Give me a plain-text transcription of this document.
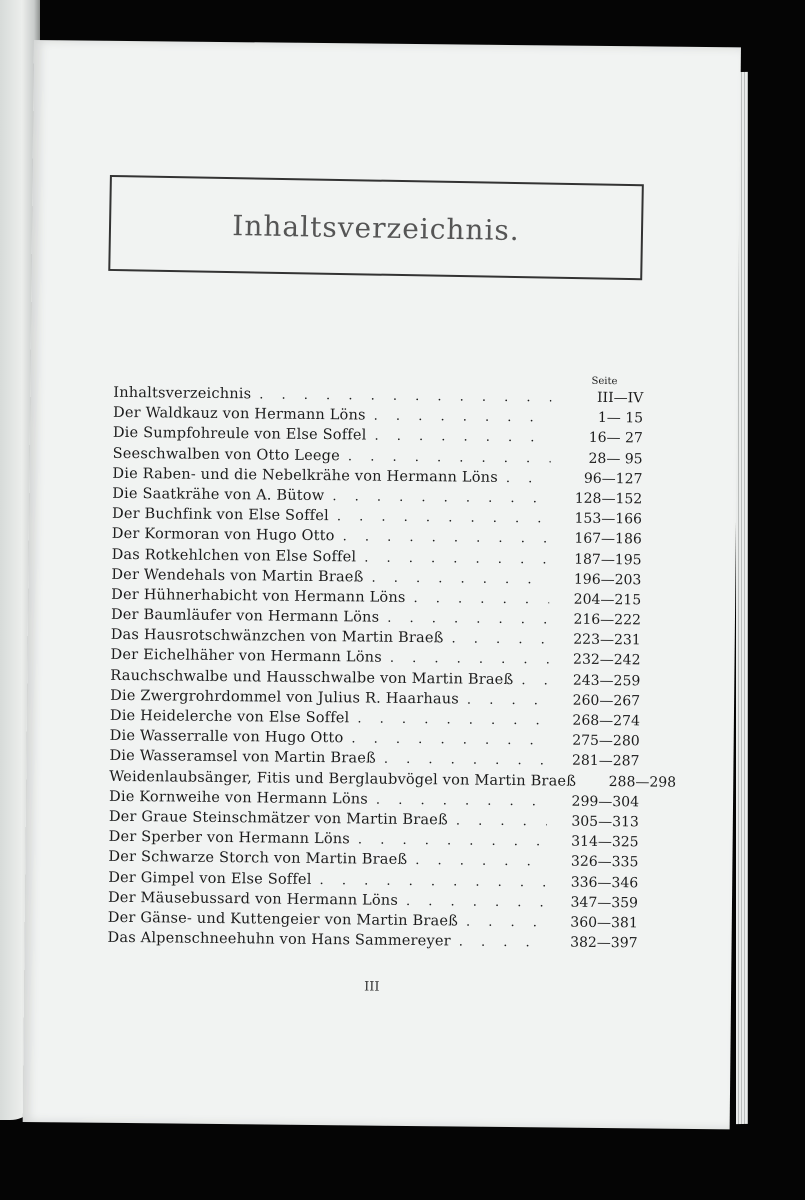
Inhaltsverzeichnis.
Seite
Inhaltsverzeichnis . . .	III—IV
Der Waldkauz von Hermann Löns . . .	1— 15
Die Sumpfohreule von Else Soffel . . .	16— 27
Seeschwalben von Otto Leege . . .	28— 95
Die Raben- und die Nebelkrähe von Hermann Löns . . .	96—127
Die Saatkrähe von A. Bütow . . .	128—152
Der Buchfink von Else Soffel . . .	153—166
Der Kormoran von Hugo Otto . . .	167—186
Das Rotkehlchen von Else Soffel . . .	187—195
Der Wendehals von Martin Braeß . . .	196—203
Der Hühnerhabicht von Hermann Löns . . .	204—215
Der Baumläufer von Hermann Löns . . .	216—222
Das Hausrotschwänzchen von Martin Braeß . . .	223—231
Der Eichelhäher von Hermann Löns . . .	232—242
Rauchschwalbe und Hausschwalbe von Martin Braeß . . .	243—259
Die Zwergrohrdommel von Julius R. Haarhaus . . .	260—267
Die Heidelerche von Else Soffel . . .	268—274
Die Wasserralle von Hugo Otto . . .	275—280
Die Wasseramsel von Martin Braeß . . .	281—287
Weidenlaubsänger, Fitis und Berglaubvögel von Martin Braeß . . .	288—298
Die Kornweihe von Hermann Löns . . .	299—304
Der Graue Steinschmätzer von Martin Braeß . . .	305—313
Der Sperber von Hermann Löns . . .	314—325
Der Schwarze Storch von Martin Braeß . . .	326—335
Der Gimpel von Else Soffel . . .	336—346
Der Mäusebussard von Hermann Löns . . .	347—359
Der Gänse- und Kuttengeier von Martin Braeß . . .	360—381
Das Alpenschneehuhn von Hans Sammereyer . . .	382—397
III
